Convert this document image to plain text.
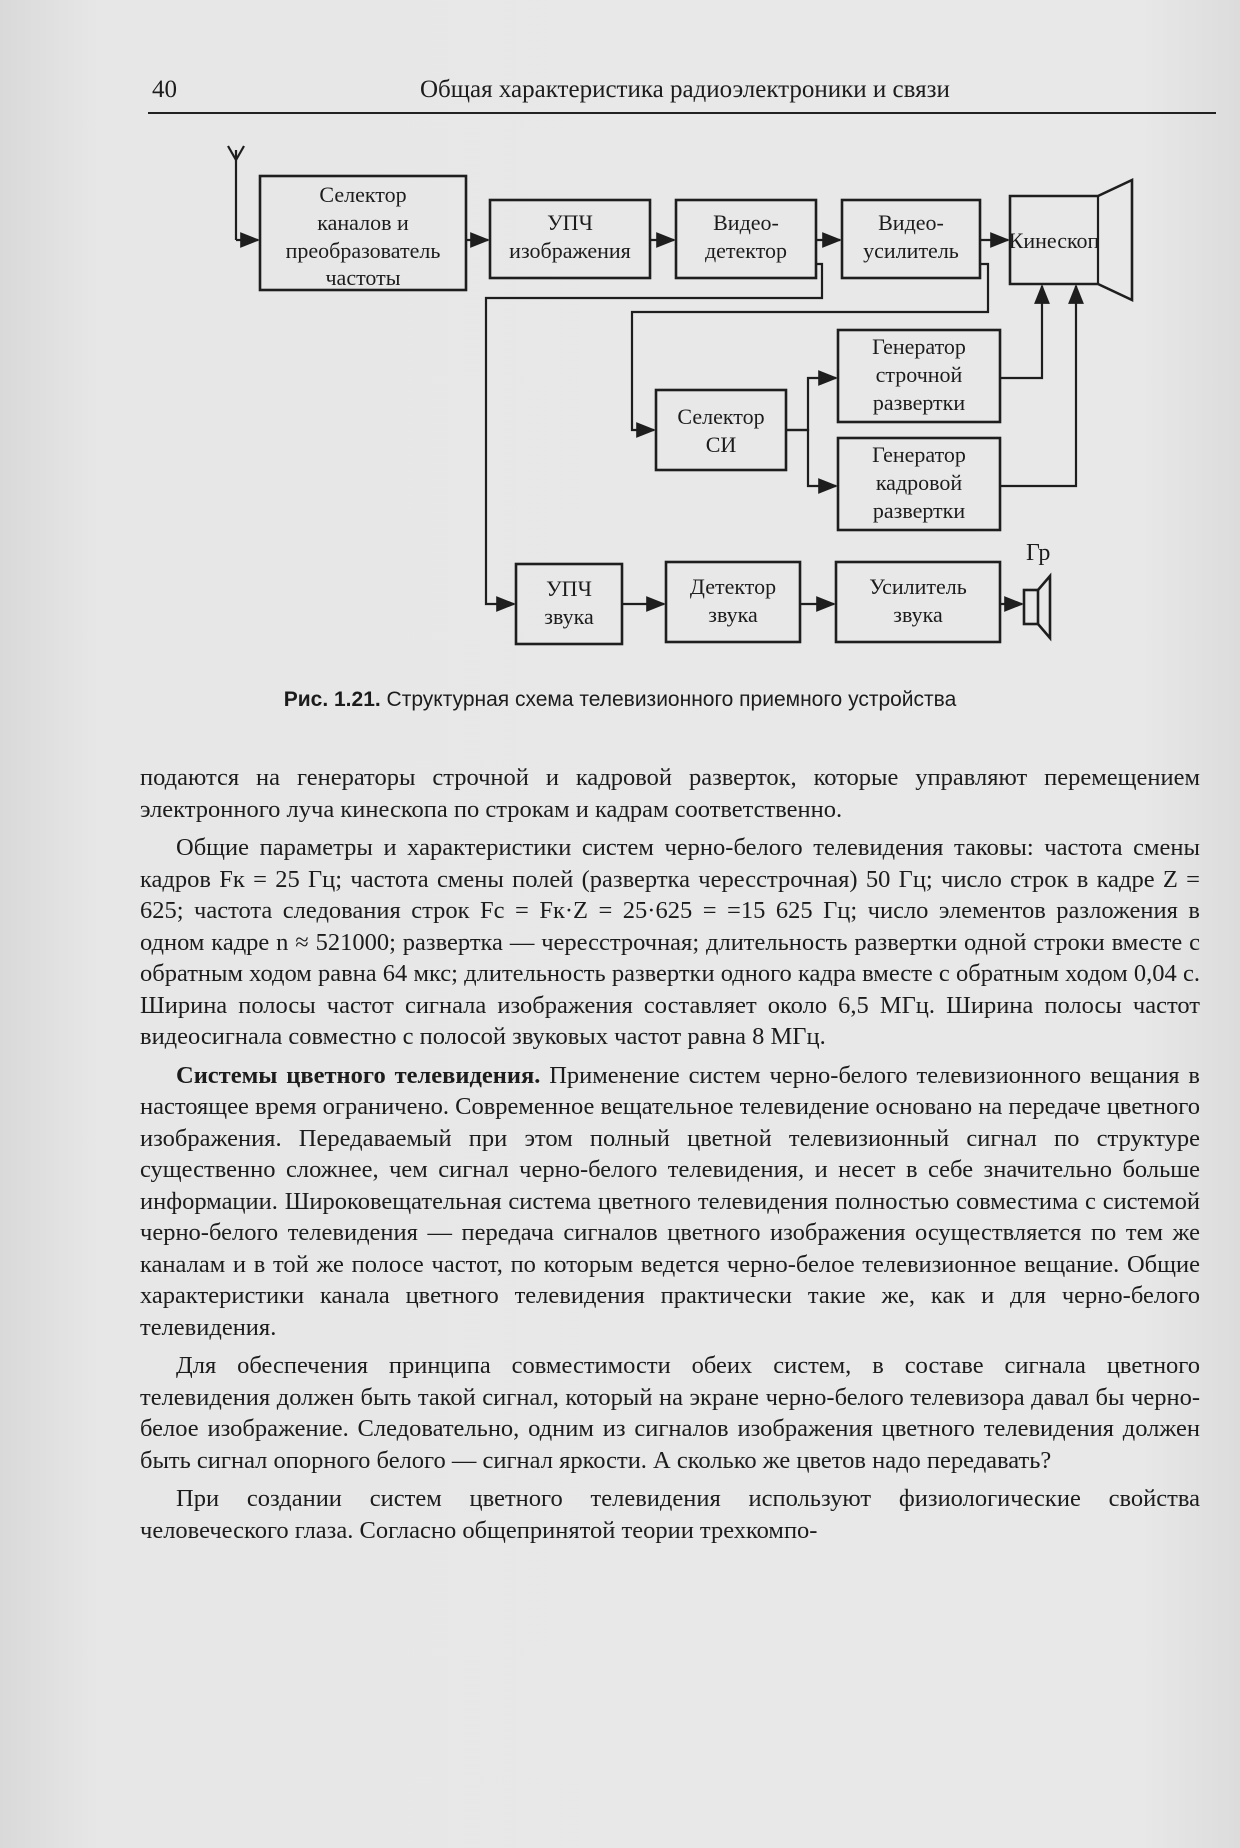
40	Общая характеристика радиоэлектроники и связи
Селектор
каналов и
преобразователь
частоты
УПЧ
изображения
Видео-
детектор
Видео-
усилитель Кинескоп
Генератор
строчной
развертки
Селектор
СИ	Генератор
кадровой
развертки
УПЧ
звука
Детектор
звука
Усилитель
звука
Гр
Рис. 1.21. Структурная схема телевизионного приемного устройства

подаются на генераторы строчной и кадровой разверток, которые управляют перемещением электронного луча кинескопа по строкам и кадрам соответственно.

Общие параметры и характеристики систем черно-белого телевидения таковы: частота смены кадров Fк = 25 Гц; частота смены полей (развертка чересстрочная) 50 Гц; число строк в кадре Z = 625; частота следования строк Fс = Fк·Z = 25·625 = =15 625 Гц; число элементов разложения в одном кадре n ≈ 521000; развертка — чересстрочная; длительность развертки одной строки вместе с обратным ходом равна 64 мкс; длительность развертки одного кадра вместе с обратным ходом 0,04 с. Ширина полосы частот сигнала изображения составляет около 6,5 МГц. Ширина полосы частот видеосигнала совместно с полосой звуковых частот равна 8 МГц.

Системы цветного телевидения. Применение систем черно-белого телевизионного вещания в настоящее время ограничено. Современное вещательное телевидение основано на передаче цветного изображения. Передаваемый при этом полный цветной телевизионный сигнал по структуре существенно сложнее, чем сигнал черно-белого телевидения, и несет в себе значительно больше информации. Широковещательная система цветного телевидения полностью совместима с системой черно-белого телевидения — передача сигналов цветного изображения осуществляется по тем же каналам и в той же полосе частот, по которым ведется черно-белое телевизионное вещание. Общие характеристики канала цветного телевидения практически такие же, как и для черно-белого телевидения.

Для обеспечения принципа совместимости обеих систем, в составе сигнала цветного телевидения должен быть такой сигнал, который на экране черно-белого телевизора давал бы черно-белое изображение. Следовательно, одним из сигналов изображения цветного телевидения должен быть сигнал опорного белого — сигнал яркости. А сколько же цветов надо передавать?

При создании систем цветного телевидения используют физиологические свойства человеческого глаза. Согласно общепринятой теории трехкомпо-
